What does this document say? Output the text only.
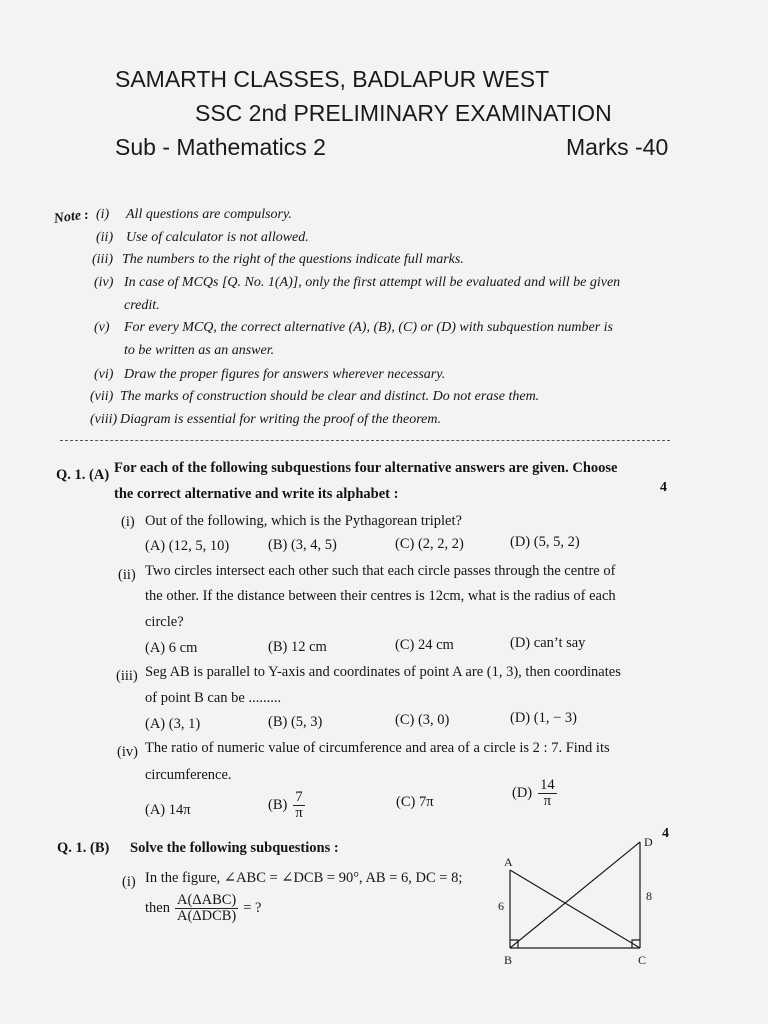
SAMARTH CLASSES, BADLAPUR WEST
SSC 2nd PRELIMINARY EXAMINATION
Sub - Mathematics 2	Marks -40
Note : (i) All questions are compulsory.
(ii) Use of calculator is not allowed.
(iii) The numbers to the right of the questions indicate full marks.
(iv) In case of MCQs [Q. No. 1(A)], only the first attempt will be evaluated and will be given
credit.
(v) For every MCQ, the correct alternative (A), (B), (C) or (D) with subquestion number is
to be written as an answer.
(vi) Draw the proper figures for answers wherever necessary.
(vii) The marks of construction should be clear and distinct. Do not erase them.
(viii) Diagram is essential for writing the proof of the theorem.
Q. 1. (A) For each of the following subquestions four alternative answers are given. Choose
the correct alternative and write its alphabet :	4
(i) Out of the following, which is the Pythagorean triplet?
(A) (12, 5, 10)	(B) (3, 4, 5)	(C) (2, 2, 2)	(D) (5, 5, 2)
(ii) Two circles intersect each other such that each circle passes through the centre of
the other. If the distance between their centres is 12cm, what is the radius of each
circle?
(A) 6 cm	(B) 12 cm	(C) 24 cm	(D) can’t say
(iii) Seg AB is parallel to Y-axis and coordinates of point A are (1, 3), then coordinates
of point B can be .........
(A) (3, 1)	(B) (5, 3)	(C) (3, 0)	(D) (1, − 3)
(iv) The ratio of numeric value of circumference and area of a circle is 2 : 7. Find its
circumference.
(A) 14π	$(B) \frac{7}{\pi}$	(C) 7π
$(D) \frac{14}{\pi}$
Q. 1. (B) Solve the following subquestions :
4
(i) In the figure, ∠ABC = ∠DCB = 90°, AB = 6, DC = 8;
then $\frac{\text{A(ΔABC)}}{\text{A(ΔDCB)}}$ = ?
A
B	C
D
6
8
